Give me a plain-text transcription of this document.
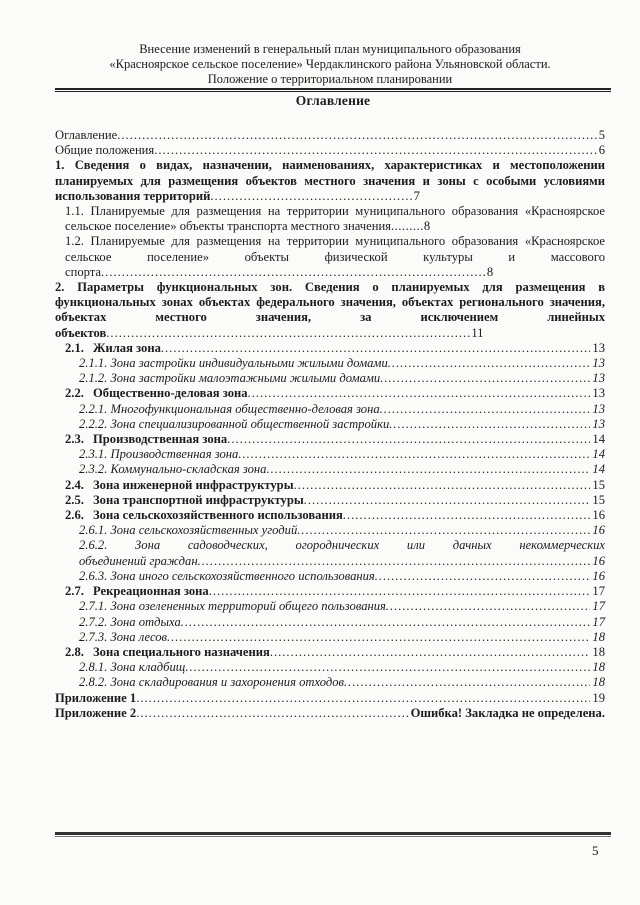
Внесение изменений в генеральный план муниципального образования
«Красноярское сельское поселение» Чердаклинского района Ульяновской области.
Положение о территориальном планировании
Оглавление
Оглавление .....	5
Общие положения .....	6
1. Сведения о видах, назначении, наименованиях, характеристиках и местоположении планируемых для размещения объектов местного значения и зоны с особыми условиями использования территорий.................................................7
1.1. Планируемые для размещения на территории муниципального образования «Красноярское сельское поселение» объекты транспорта местного значения.........8
1.2. Планируемые для размещения на территории муниципального образования «Красноярское сельское поселение» объекты физической культуры и массового спорта.............................................................................................8
2. Параметры функциональных зон. Сведения о планируемых для размещения в функциональных зонах объектах федерального значения, объектах регионального значения, объектах местного значения, за исключением линейных объектов........................................................................................11
2.1. Жилая зона .....	13
2.1.1. Зона застройки индивидуальными жилыми домами .....	13
2.1.2. Зона застройки малоэтажными жилыми домами .....	13
2.2. Общественно-деловая зона .....	13
2.2.1. Многофункциональная общественно-деловая зона .....	13
2.2.2. Зона специализированной общественной застройки .....	13
2.3. Производственная зона .....	14
2.3.1. Производственная зона .....	14
2.3.2. Коммунально-складская зона .....	14
2.4. Зона инженерной инфраструктуры .....	15
2.5. Зона транспортной инфраструктуры .....	15
2.6. Зона сельскохозяйственного использования .....	16
2.6.1. Зона сельскохозяйственных угодий .....	16
2.6.2. Зона садоводческих, огороднических или дачных некоммерческих
объединений граждан .....	16
2.6.3. Зона иного сельскохозяйственного использования .....	16
2.7. Рекреационная зона .....	17
2.7.1. Зона озелененных территорий общего пользования .....	17
2.7.2. Зона отдыха .....	17
2.7.3. Зона лесов .....	18
2.8. Зона специального назначения .....	18
2.8.1. Зона кладбищ .....	18
2.8.2. Зона складирования и захоронения отходов .....	18
Приложение 1 .....	19
Приложение 2 .....	Ошибка! Закладка не определена.
5
